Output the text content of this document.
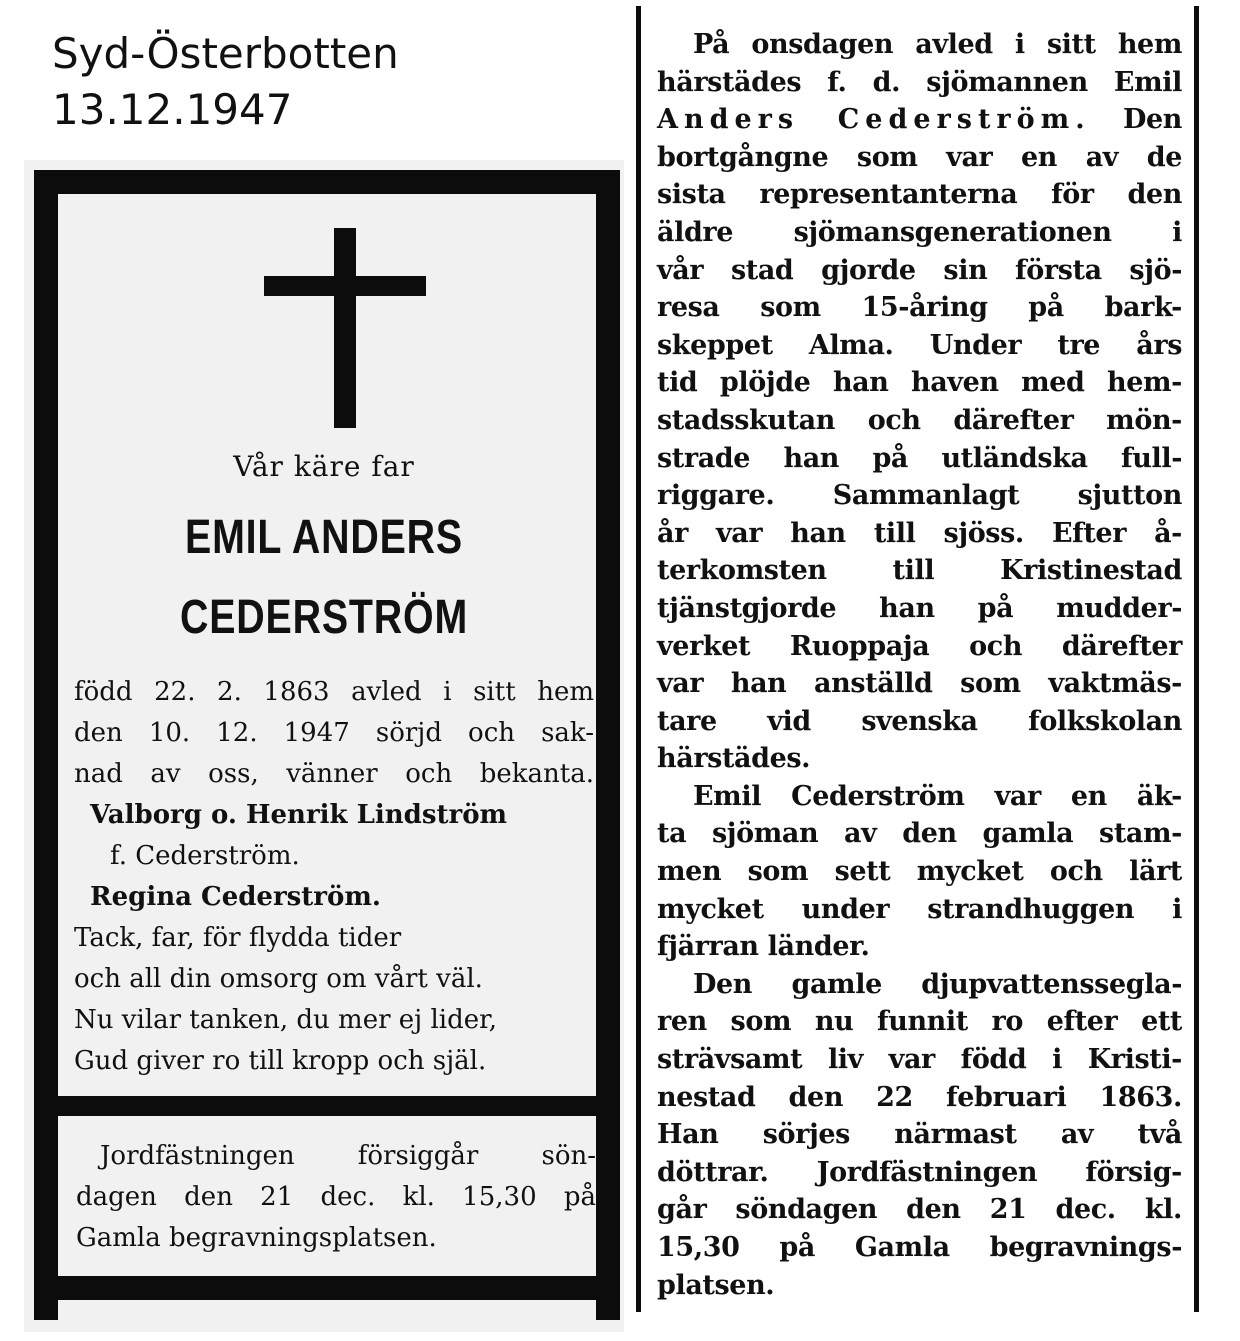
Syd-Österbotten
13.12.1947
Vår käre far
EMIL ANDERS
CEDERSTRÖM
född 22. 2. 1863 avled i sitt hem
den 10. 12. 1947 sörjd och sak-
nad av oss, vänner och bekanta.
Valborg o. Henrik Lindström
f. Cederström.
Regina Cederström.
Tack, far, för flydda tider
och all din omsorg om vårt väl.
Nu vilar tanken, du mer ej lider,
Gud giver ro till kropp och själ.
Jordfästningen försiggår sön-
dagen den 21 dec. kl. 15,30 på
Gamla begravningsplatsen.
På onsdagen avled i sitt hem
härstädes f. d. sjömannen Emil
Anders Cederström. Den
bortgångne som var en av de
sista representanterna för den
äldre sjömansgenerationen i
vår stad gjorde sin första sjö-
resa som 15-åring på bark-
skeppet Alma. Under tre års
tid plöjde han haven med hem-
stadsskutan och därefter mön-
strade han på utländska full-
riggare. Sammanlagt sjutton
år var han till sjöss. Efter å-
terkomsten till Kristinestad
tjänstgjorde han på mudder-
verket Ruoppaja och därefter
var han anställd som vaktmäs-
tare vid svenska folkskolan
härstädes.
Emil Cederström var en äk-
ta sjöman av den gamla stam-
men som sett mycket och lärt
mycket under strandhuggen i
fjärran länder.
Den gamle djupvattensseglа-
ren som nu funnit ro efter ett
strävsamt liv var född i Kristi-
nestad den 22 februari 1863.
Han sörjes närmast av två
döttrar. Jordfästningen försig-
går söndagen den 21 dec. kl.
15,30 på Gamla begravnings-
platsen.
